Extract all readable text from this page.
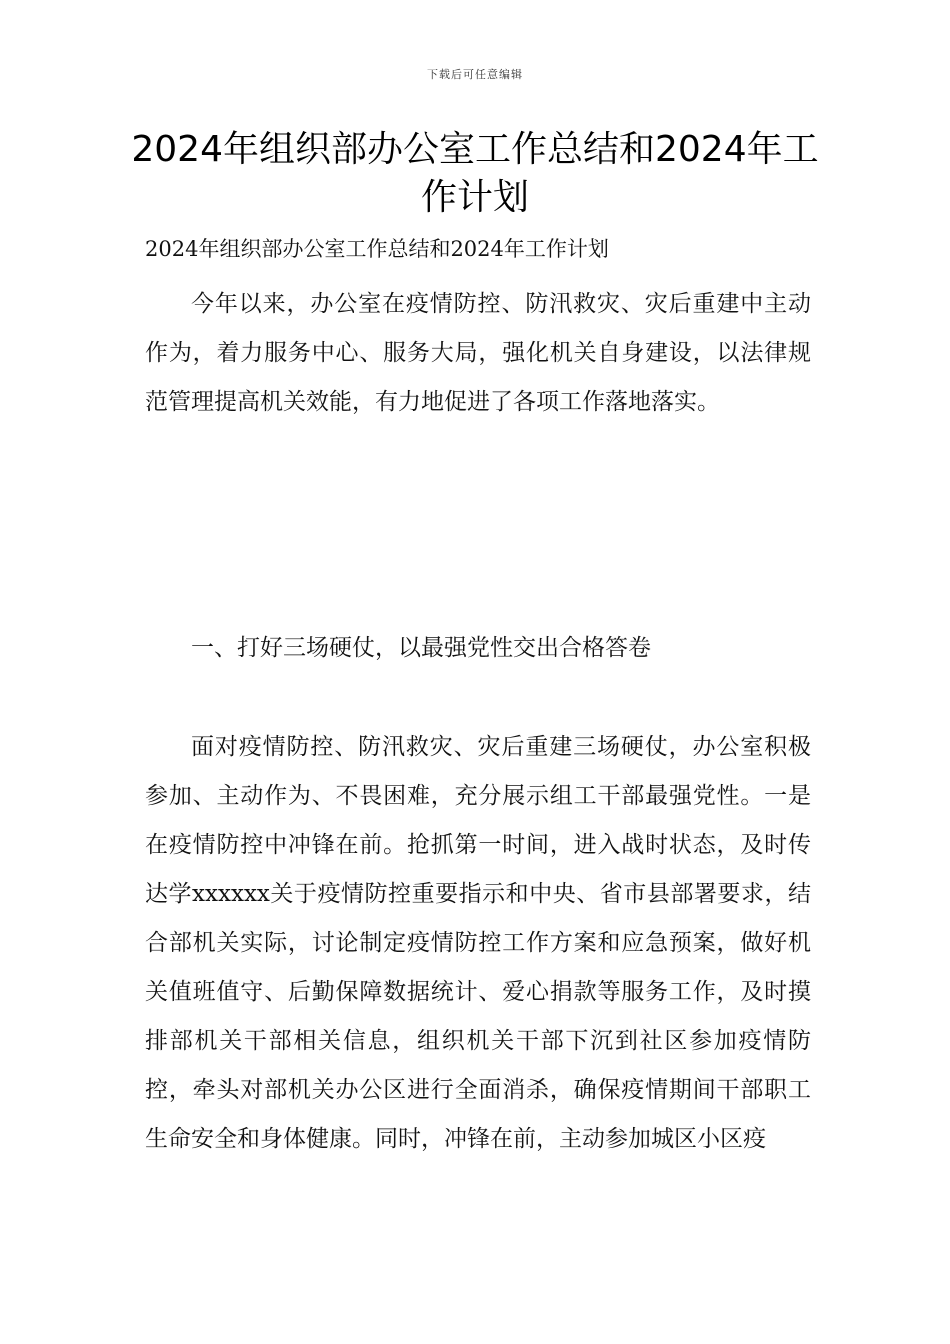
下载后可任意编辑
2024年组织部办公室工作总结和2024年工作计划
2024年组织部办公室工作总结和2024年工作计划

今年以来，办公室在疫情防控、防汛救灾、灾后重建中主动作为，着力服务中心、服务大局，强化机关自身建设，以法律规范管理提高机关效能，有力地促进了各项工作落地落实。

一、打好三场硬仗，以最强党性交出合格答卷

面对疫情防控、防汛救灾、灾后重建三场硬仗，办公室积极参加、主动作为、不畏困难，充分展示组工干部最强党性。一是在疫情防控中冲锋在前。抢抓第一时间，进入战时状态，及时传达学xxxxxx关于疫情防控重要指示和中央、省市县部署要求，结合部机关实际，讨论制定疫情防控工作方案和应急预案，做好机关值班值守、后勤保障数据统计、爱心捐款等服务工作，及时摸排部机关干部相关信息，组织机关干部下沉到社区参加疫情防控，牵头对部机关办公区进行全面消杀，确保疫情期间干部职工生命安全和身体健康。同时，冲锋在前，主动参加城区小区疫
